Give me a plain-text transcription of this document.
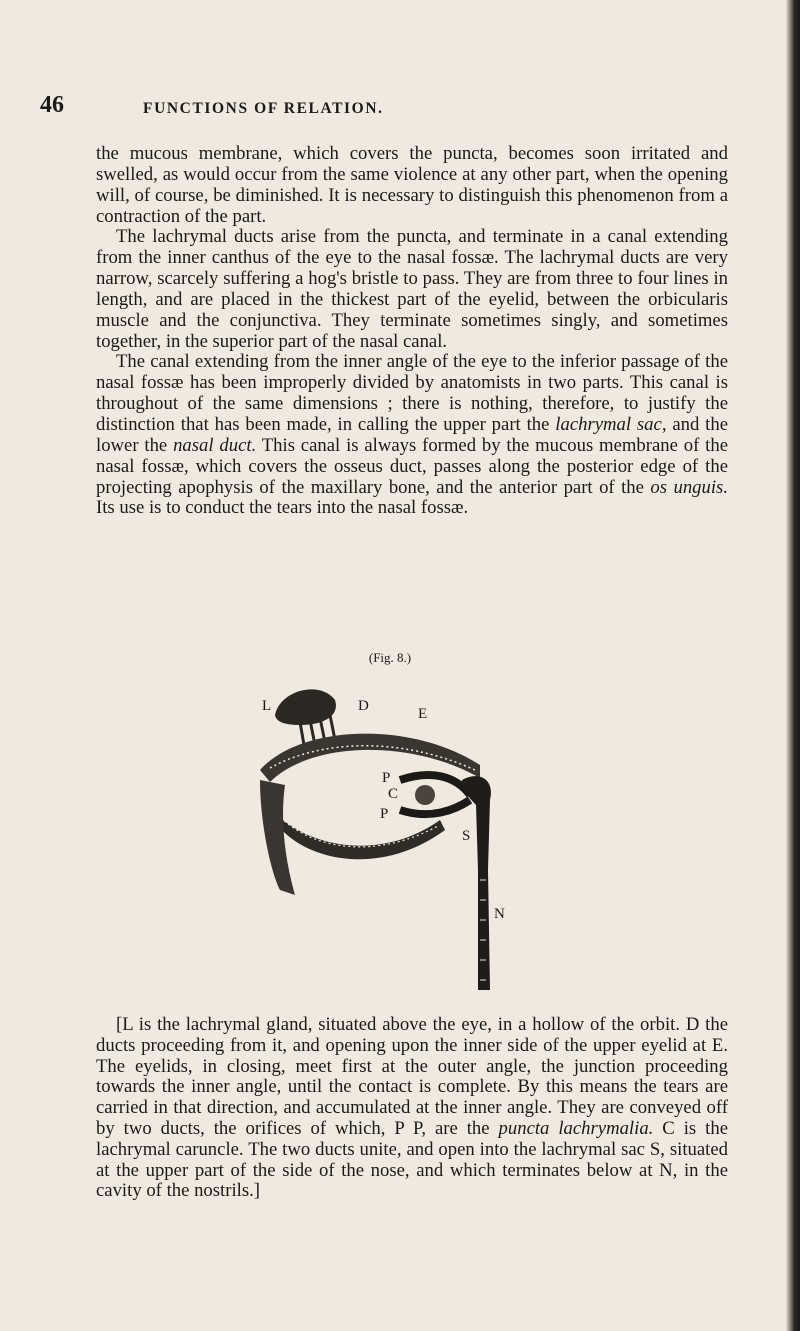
46	FUNCTIONS OF RELATION.

the mucous membrane, which covers the puncta, becomes soon irritated and swelled, as would occur from the same violence at any other part, when the opening will, of course, be diminished. It is necessary to distinguish this phenomenon from a contraction of the part.

The lachrymal ducts arise from the puncta, and terminate in a canal extending from the inner canthus of the eye to the nasal fossæ. The lachrymal ducts are very narrow, scarcely suffering a hog's bristle to pass. They are from three to four lines in length, and are placed in the thickest part of the eyelid, between the orbicularis muscle and the conjunctiva. They terminate sometimes singly, and sometimes together, in the superior part of the nasal canal.

The canal extending from the inner angle of the eye to the inferior passage of the nasal fossæ has been improperly divided by anatomists in two parts. This canal is throughout of the same dimensions ; there is nothing, therefore, to justify the distinction that has been made, in calling the upper part the lachrymal sac, and the lower the nasal duct. This canal is always formed by the mucous membrane of the nasal fossæ, which covers the osseus duct, passes along the posterior edge of the projecting apophysis of the maxillary bone, and the anterior part of the os unguis. Its use is to conduct the tears into the nasal fossæ.

(Fig. 8.)
L	D	E
P
C
P
S
N

[L is the lachrymal gland, situated above the eye, in a hollow of the orbit. D the ducts proceeding from it, and opening upon the inner side of the upper eyelid at E. The eyelids, in closing, meet first at the outer angle, the junction proceeding towards the inner angle, until the contact is complete. By this means the tears are carried in that direction, and accumulated at the inner angle. They are conveyed off by two ducts, the orifices of which, P P, are the puncta lachrymalia. C is the lachrymal caruncle. The two ducts unite, and open into the lachrymal sac S, situated at the upper part of the side of the nose, and which terminates below at N, in the cavity of the nostrils.]
